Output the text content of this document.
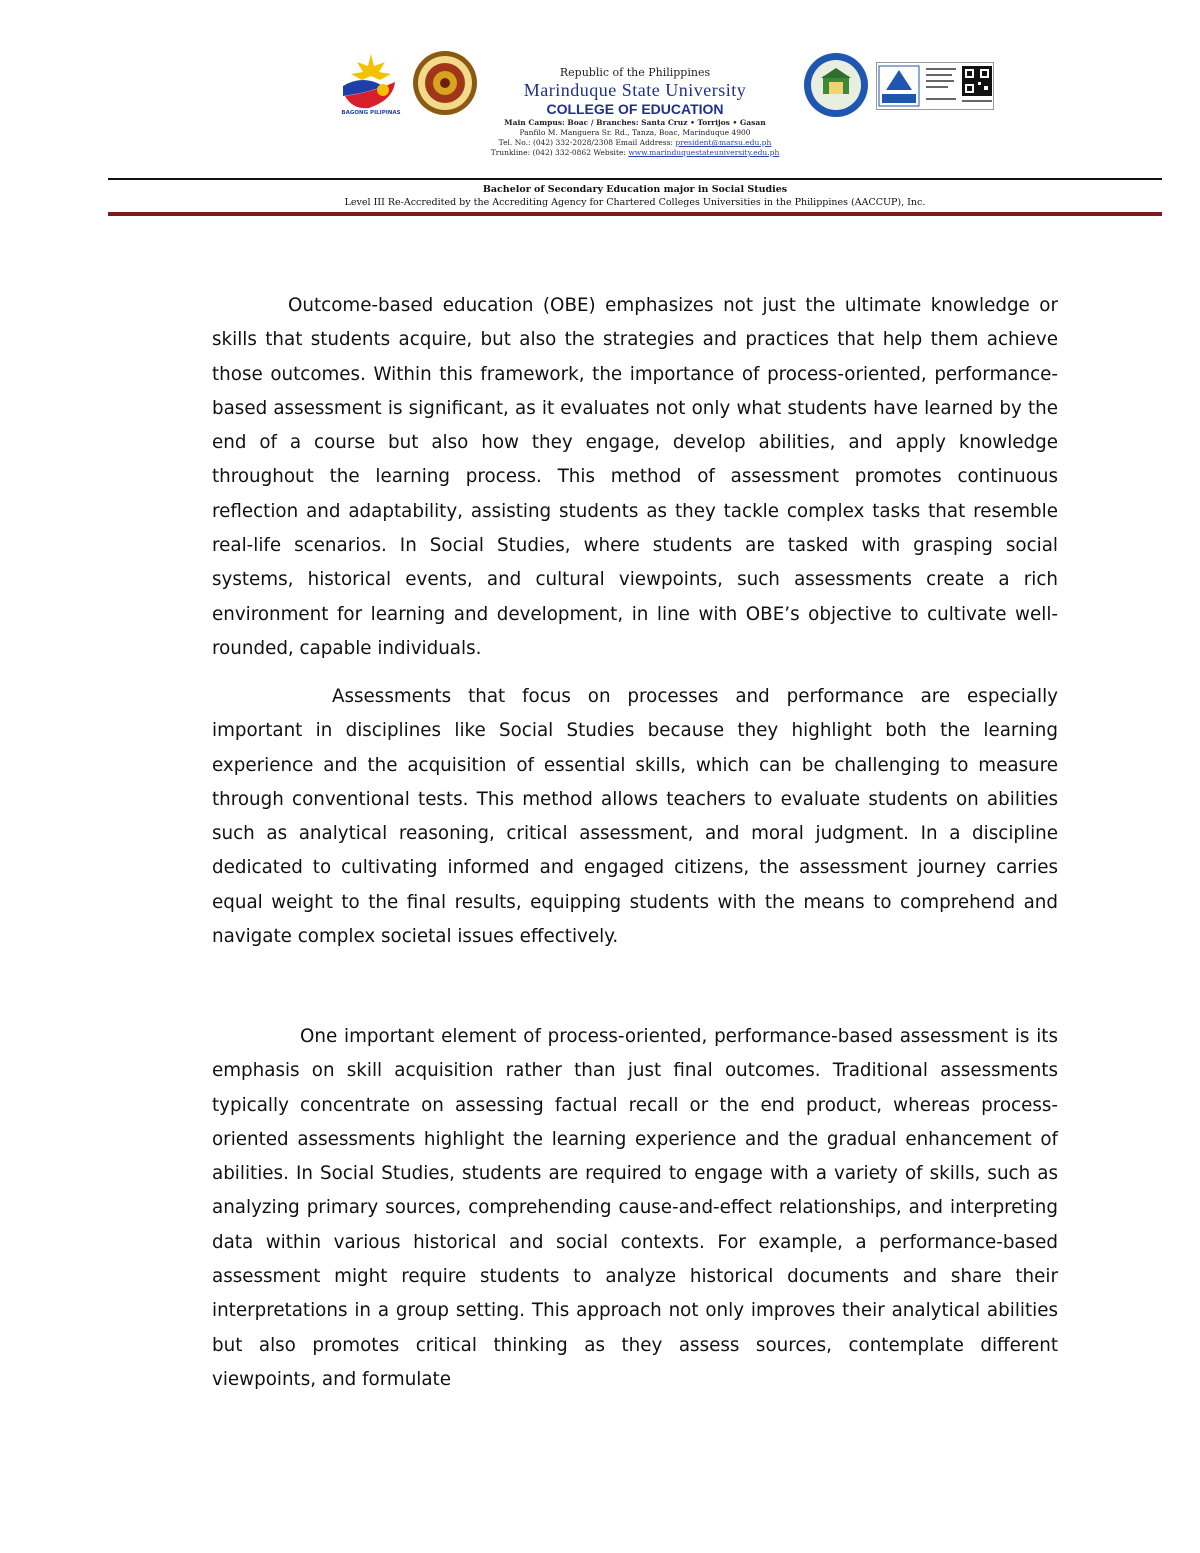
BAGONG PILIPINAS
Republic of the Philippines
Marinduque State University
COLLEGE OF EDUCATION
Main Campus: Boac / Branches: Santa Cruz • Torrijos • Gasan
Panfilo M. Manguera Sr. Rd., Tanza, Boac, Marinduque 4900
Tel. No.: (042) 332-2028/2308 Email Address: president@marsu.edu.ph
Trunkline: (042) 332-0862 Website: www.marinduquestateuniversity.edu.ph
Bachelor of Secondary Education major in Social Studies
Level III Re-Accredited by the Accrediting Agency for Chartered Colleges Universities in the Philippines (AACCUP), Inc.

Outcome-based education (OBE) emphasizes not just the ultimate knowledge or skills that students acquire, but also the strategies and practices that help them achieve those outcomes. Within this framework, the importance of process-oriented, performance-based assessment is significant, as it evaluates not only what students have learned by the end of a course but also how they engage, develop abilities, and apply knowledge throughout the learning process. This method of assessment promotes continuous reflection and adaptability, assisting students as they tackle complex tasks that resemble real-life scenarios. In Social Studies, where students are tasked with grasping social systems, historical events, and cultural viewpoints, such assessments create a rich environment for learning and development, in line with OBE’s objective to cultivate well-rounded, capable individuals.

Assessments that focus on processes and performance are especially important in disciplines like Social Studies because they highlight both the learning experience and the acquisition of essential skills, which can be challenging to measure through conventional tests. This method allows teachers to evaluate students on abilities such as analytical reasoning, critical assessment, and moral judgment. In a discipline dedicated to cultivating informed and engaged citizens, the assessment journey carries equal weight to the final results, equipping students with the means to comprehend and navigate complex societal issues effectively.

One important element of process-oriented, performance-based assessment is its emphasis on skill acquisition rather than just final outcomes. Traditional assessments typically concentrate on assessing factual recall or the end product, whereas process-oriented assessments highlight the learning experience and the gradual enhancement of abilities. In Social Studies, students are required to engage with a variety of skills, such as analyzing primary sources, comprehending cause-and-effect relationships, and interpreting data within various historical and social contexts. For example, a performance-based assessment might require students to analyze historical documents and share their interpretations in a group setting. This approach not only improves their analytical abilities but also promotes critical thinking as they assess sources, contemplate different viewpoints, and formulate
